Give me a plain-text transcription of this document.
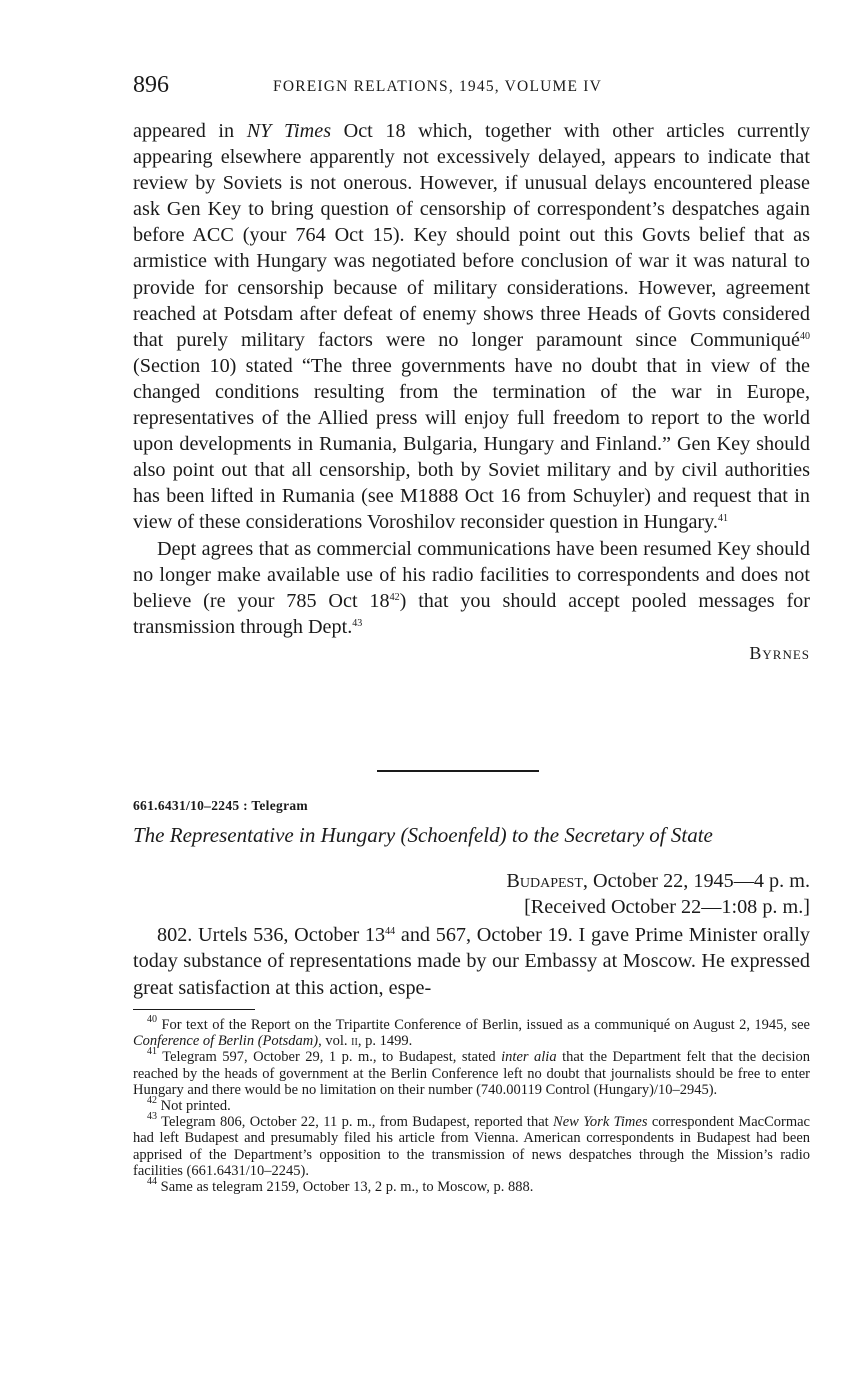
896	FOREIGN RELATIONS, 1945, VOLUME IV

appeared in NY Times Oct 18 which, together with other articles currently appearing elsewhere apparently not excessively delayed, appears to indicate that review by Soviets is not onerous. However, if unusual delays encountered please ask Gen Key to bring question of censorship of correspondent’s despatches again before ACC (your 764 Oct 15). Key should point out this Govts belief that as armistice with Hungary was negotiated before conclusion of war it was natural to provide for censorship because of military considerations. However, agreement reached at Potsdam after defeat of enemy shows three Heads of Govts considered that purely military factors were no longer paramount since Communiqué$^{40}$ (Section 10) stated “The three governments have no doubt that in view of the changed conditions resulting from the termination of the war in Europe, representatives of the Allied press will enjoy full freedom to report to the world upon developments in Rumania, Bulgaria, Hungary and Finland.” Gen Key should also point out that all censorship, both by Soviet military and by civil authorities has been lifted in Rumania (see M1888 Oct 16 from Schuyler) and request that in view of these considerations Voroshilov reconsider question in Hungary.$^{41}$

Dept agrees that as commercial communications have been resumed Key should no longer make available use of his radio facilities to correspondents and does not believe (re your 785 Oct $18^{42}$) that you should accept pooled messages for transmission through Dept.$^{43}$

Byrnes
661.6431/10–2245 : Telegram
The Representative in Hungary (Schoenfeld) to the Secretary of State
Budapest, October 22, 1945—4 p. m.
[Received October 22—1:08 p. m.]

802. Urtels 536, October $13^{44}$ and 567, October 19. I gave Prime Minister orally today substance of representations made by our Embassy at Moscow. He expressed great satisfaction at this action, espe-

$^{40}$ For text of the Report on the Tripartite Conference of Berlin, issued as a communiqué on August 2, 1945, see Conference of Berlin (Potsdam), vol. ii, p. 1499.

$^{41}$ Telegram 597, October 29, 1 p. m., to Budapest, stated inter alia that the Department felt that the decision reached by the heads of government at the Berlin Conference left no doubt that journalists should be free to enter Hungary and there would be no limitation on their number (740.00119 Control (Hungary)/10–2945).

$^{42}$ Not printed.

$^{43}$ Telegram 806, October 22, 11 p. m., from Budapest, reported that New York Times correspondent MacCormac had left Budapest and presumably filed his article from Vienna. American correspondents in Budapest had been apprised of the Department’s opposition to the transmission of news despatches through the Mission’s radio facilities (661.6431/10–2245).

$^{44}$ Same as telegram 2159, October 13, 2 p. m., to Moscow, p. 888.
